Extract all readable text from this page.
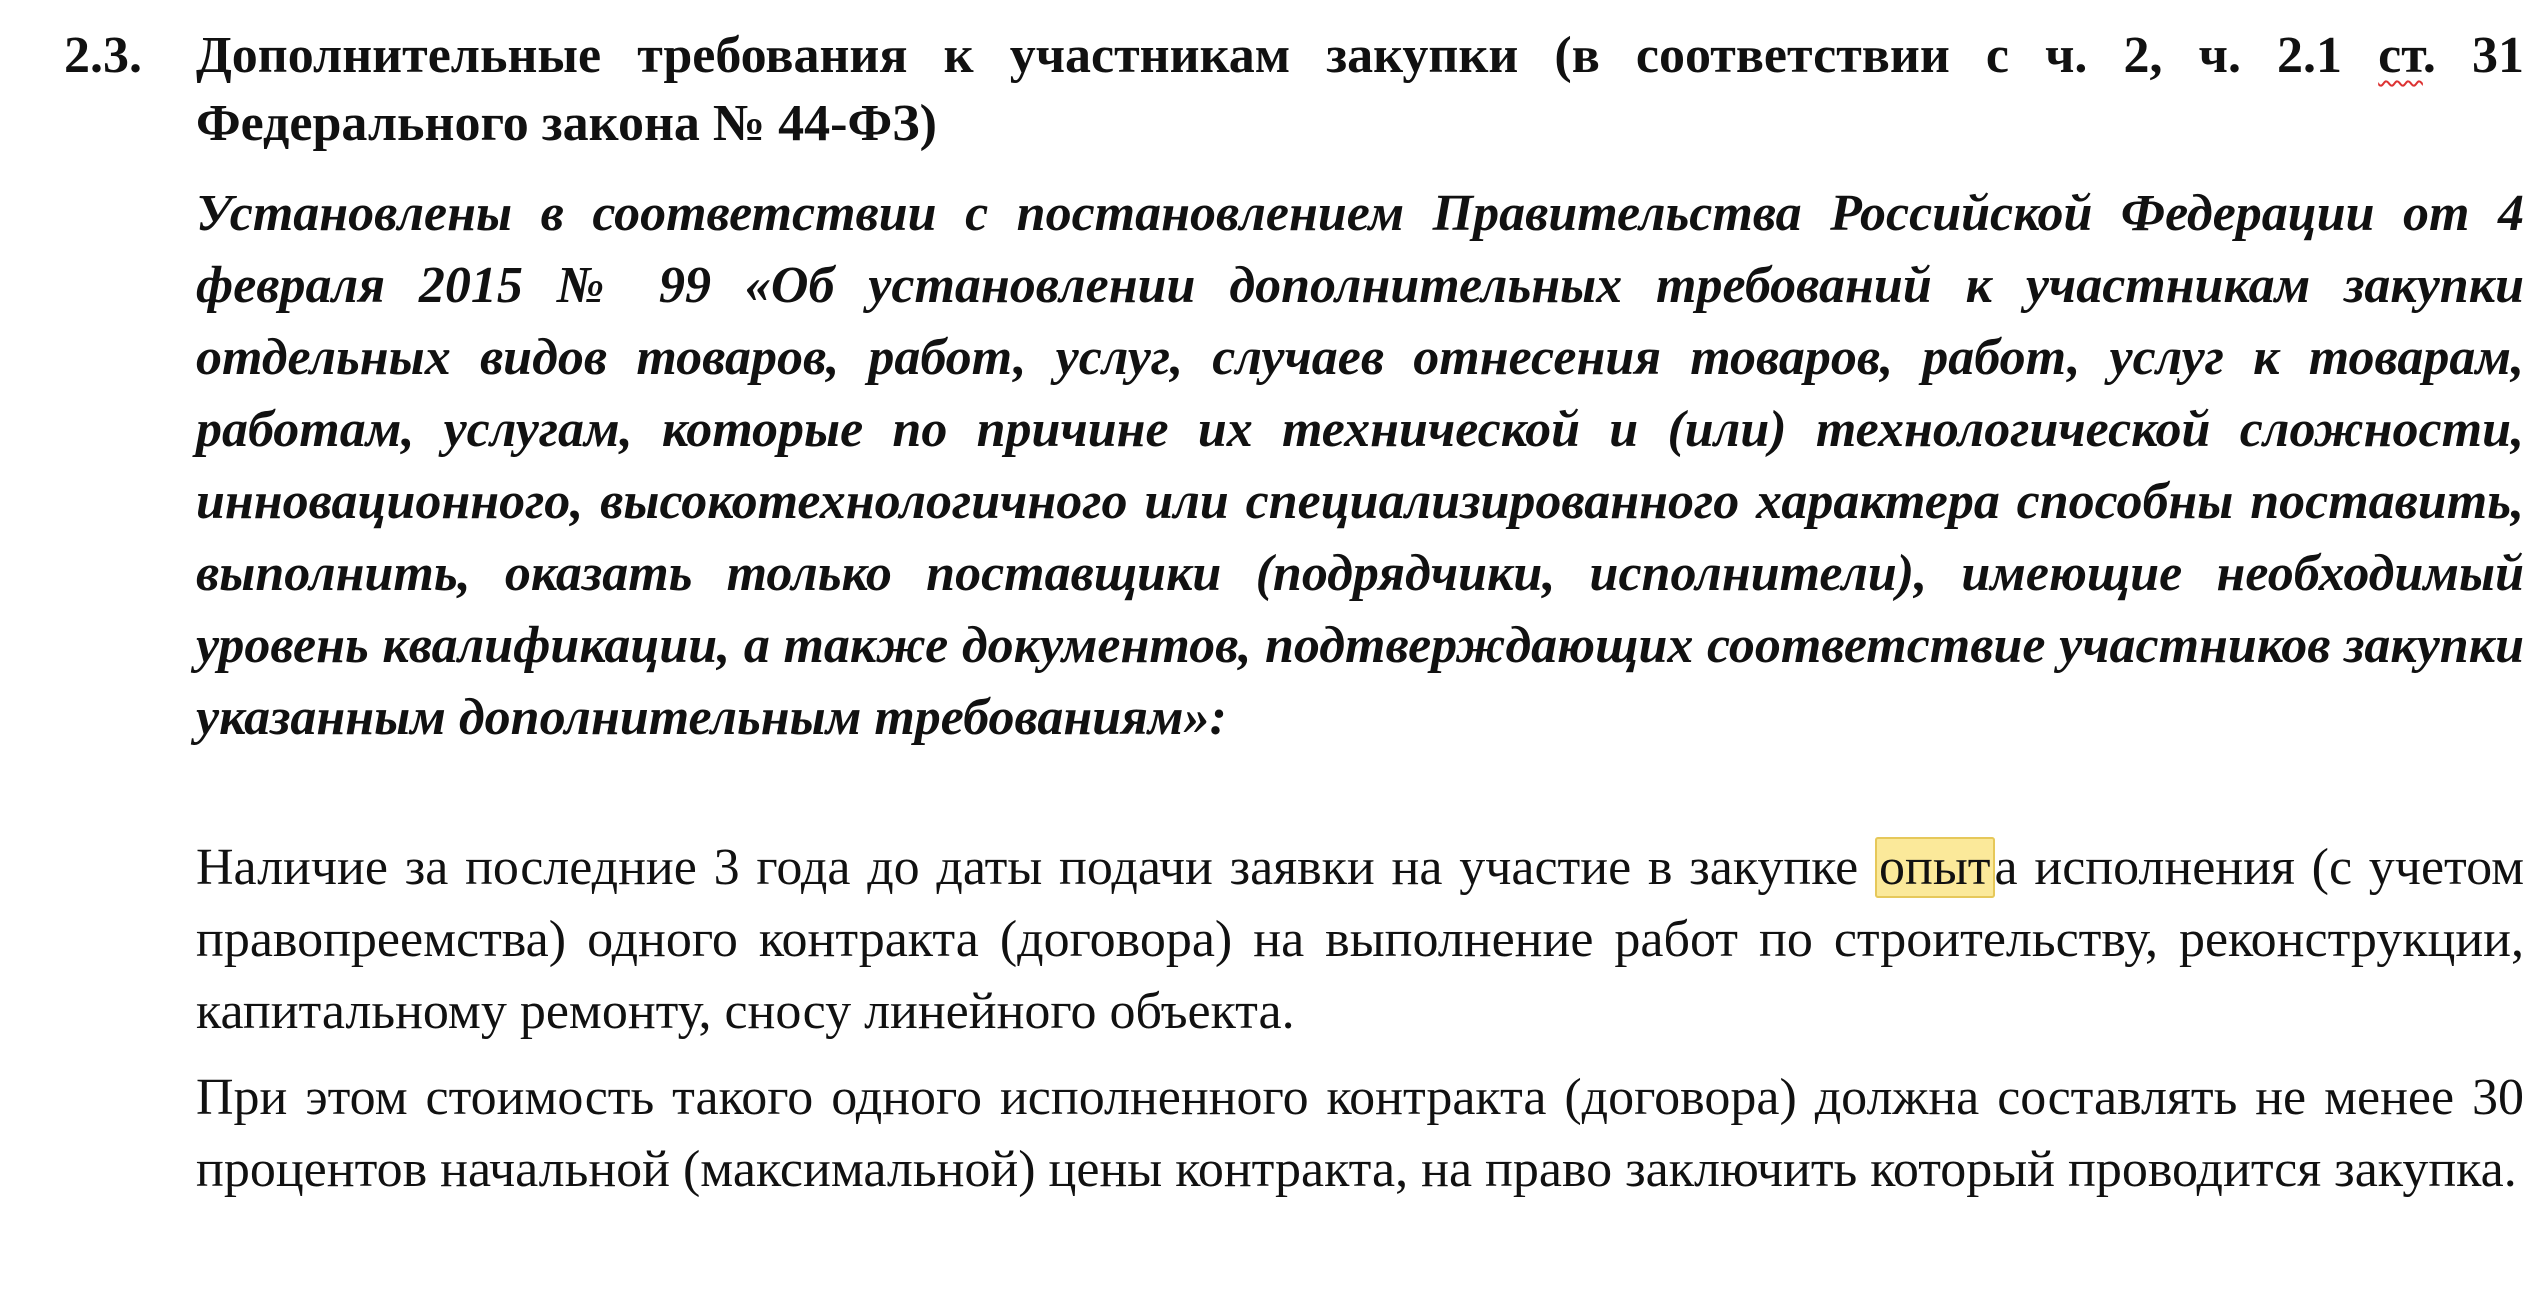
2.3. Дополнительные требования к участникам закупки (в соответствии с ч. 2, ч. 2.1 ст. 31 Федерального закона № 44-ФЗ)
Установлены в соответствии с постановлением Правительства Российской Федерации от 4 февраля 2015 № 99 «Об установлении дополнительных требований к участникам закупки отдельных видов товаров, работ, услуг, случаев отнесения товаров, работ, услуг к товарам, работам, услугам, которые по причине их технической и (или) технологической сложности, инновационного, высокотехнологичного или специализированного характера способны поставить, выполнить, оказать только поставщики (подрядчики, исполнители), имеющие необходимый уровень квалификации, а также документов, подтверждающих соответствие участников закупки указанным дополнительным требованиям»:
Наличие за последние 3 года до даты подачи заявки на участие в закупке опыта исполнения (с учетом правопреемства) одного контракта (договора) на выполнение работ по строительству, реконструкции, капитальному ремонту, сносу линейного объекта.
При этом стоимость такого одного исполненного контракта (договора) должна составлять не менее 30 процентов начальной (максимальной) цены контракта, на право заключить который проводится закупка.
